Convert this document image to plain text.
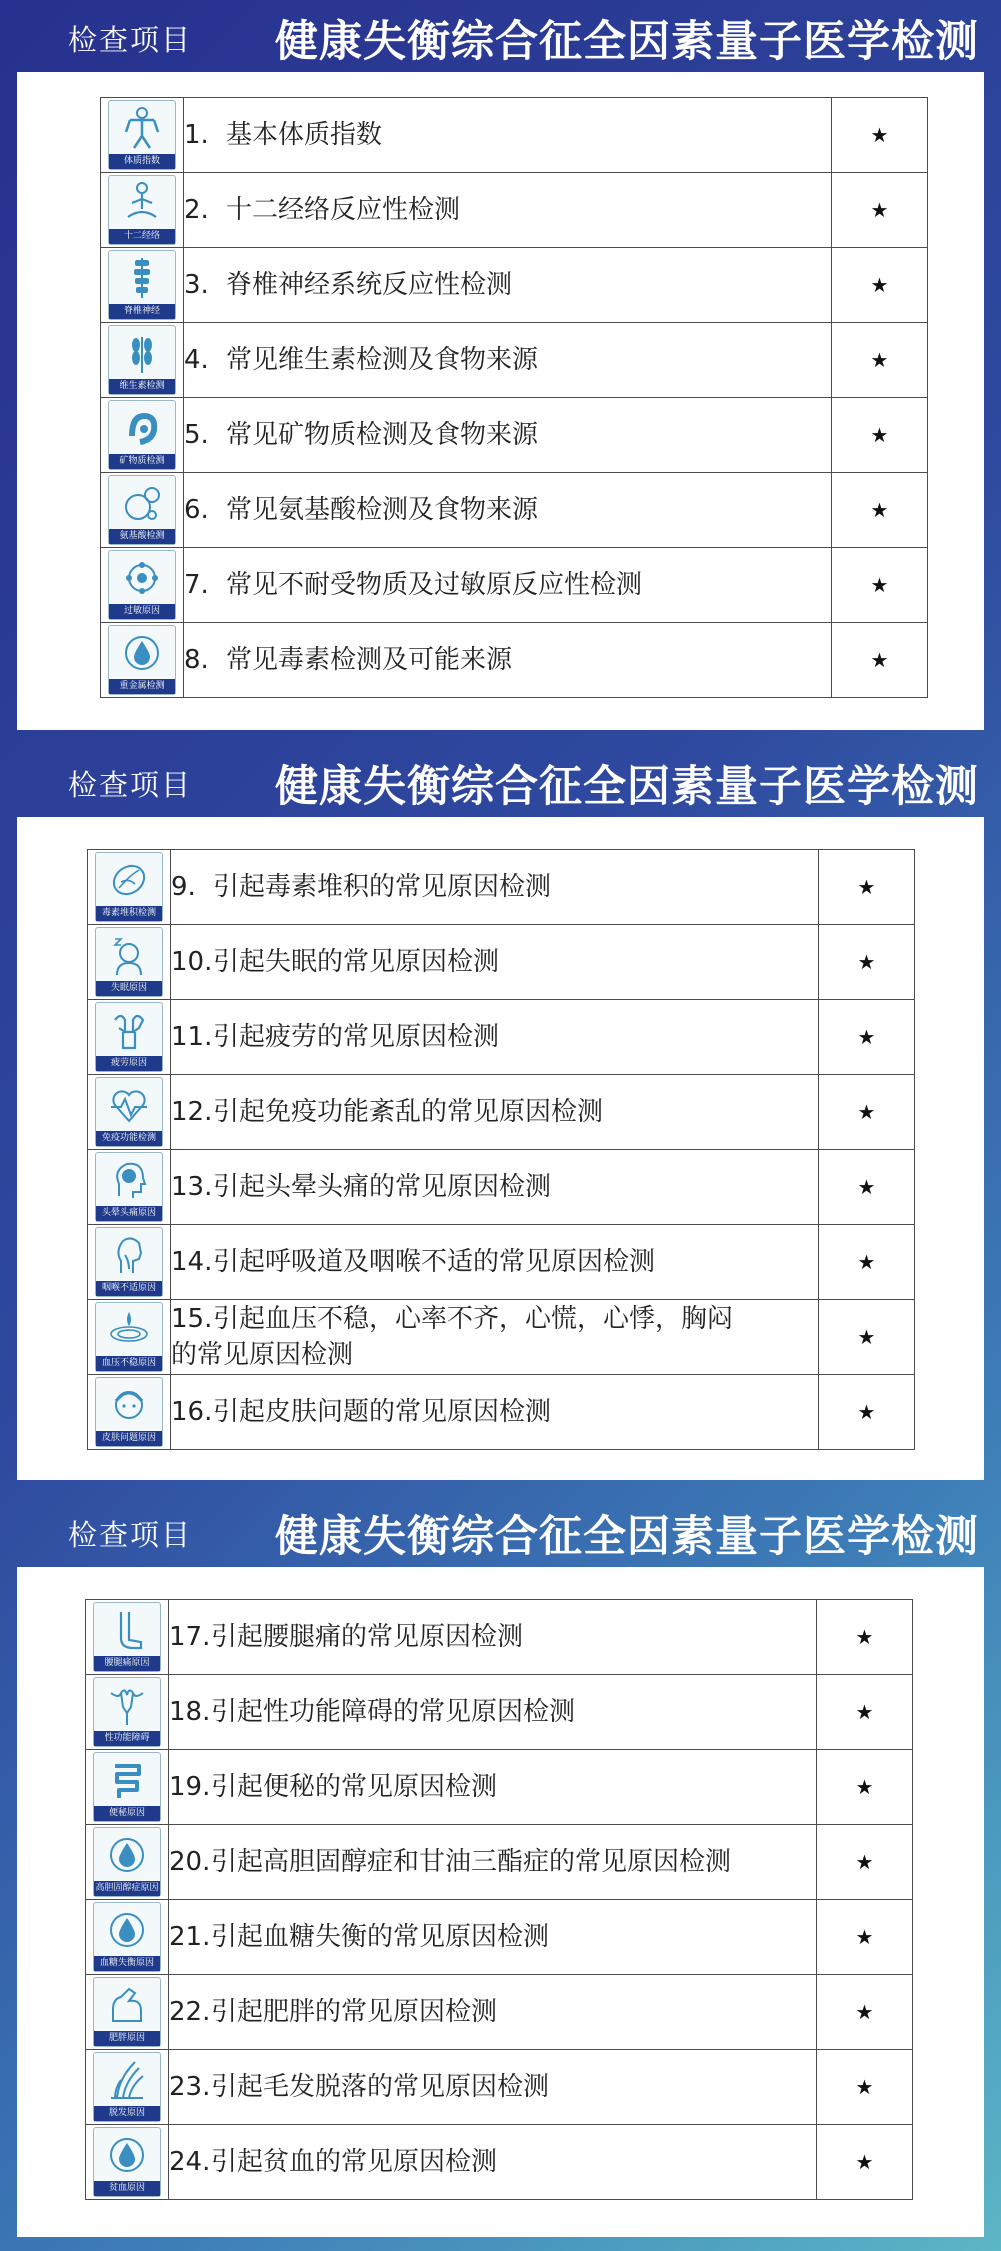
检查项目 健康失衡综合征全因素量子医学检测
体质指数	1. 基本体质指数	★

十二经络	2. 十二经络反应性检测	★

脊椎神经	3. 脊椎神经系统反应性检测	★

维生素检测	4. 常见维生素检测及食物来源	★

矿物质检测	5. 常见矿物质检测及食物来源	★

氨基酸检测	6. 常见氨基酸检测及食物来源	★

过敏原因	7. 常见不耐受物质及过敏原反应性检测	★

重金属检测	8. 常见毒素检测及可能来源	★
检查项目 健康失衡综合征全因素量子医学检测
毒素堆积检测	9. 引起毒素堆积的常见原因检测	★

失眠原因	10.引起失眠的常见原因检测	★

疲劳原因	11.引起疲劳的常见原因检测	★

免疫功能检测	12.引起免疫功能紊乱的常见原因检测	★

头晕头痛原因	13.引起头晕头痛的常见原因检测	★

咽喉不适原因	14.引起呼吸道及咽喉不适的常见原因检测	★

血压不稳原因	15.引起血压不稳，心率不齐，心慌，心悸，胸闷
的常见原因检测	★

皮肤问题原因	16.引起皮肤问题的常见原因检测	★
检查项目 健康失衡综合征全因素量子医学检测
腰腿痛原因	17.引起腰腿痛的常见原因检测	★

性功能障碍	18.引起性功能障碍的常见原因检测	★

便秘原因	19.引起便秘的常见原因检测	★

高胆固醇症原因	20.引起高胆固醇症和甘油三酯症的常见原因检测	★

血糖失衡原因	21.引起血糖失衡的常见原因检测	★

肥胖原因	22.引起肥胖的常见原因检测	★

脱发原因	23.引起毛发脱落的常见原因检测	★

贫血原因	24.引起贫血的常见原因检测	★
